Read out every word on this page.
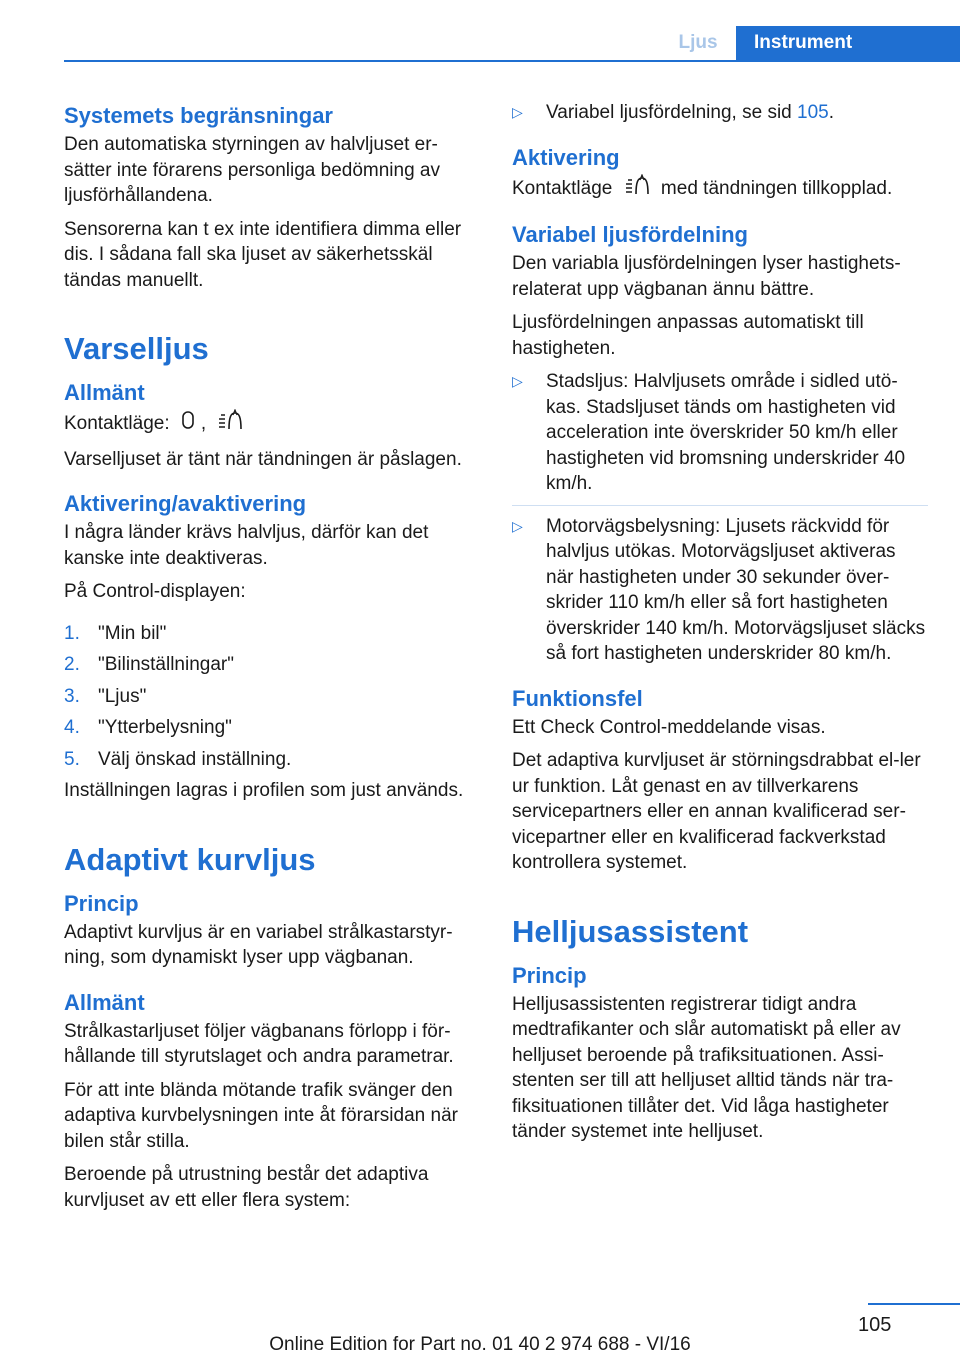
Ljus	Instrument
Systemets begränsningar

Den automatiska styrningen av halvljuset er-sätter inte förarens personliga bedömning av ljusförhållandena.

Sensorerna kan t ex inte identifiera dimma eller dis. I sådana fall ska ljuset av säkerhetsskäl tändas manuellt.

Varselljus
Allmänt

Kontaktläge: ,

Varselljuset är tänt när tändningen är påslagen.

Aktivering/avaktivering

I några länder krävs halvljus, därför kan det kanske inte deaktiveras.

På Control-displayen:

1. "Min bil"
2. "Bilinställningar"
3. "Ljus"
4. "Ytterbelysning"
5. Välj önskad inställning.

Inställningen lagras i profilen som just används.

Adaptivt kurvljus
Princip

Adaptivt kurvljus är en variabel strålkastarstyr-ning, som dynamiskt lyser upp vägbanan.

Allmänt

Strålkastarljuset följer vägbanans förlopp i för-hållande till styrutslaget och andra parametrar.

För att inte blända mötande trafik svänger den adaptiva kurvbelysningen inte åt förarsidan när bilen står stilla.

Beroende på utrustning består det adaptiva kurvljuset av ett eller flera system:

▷	Variabel ljusfördelning, se sid 105.
Aktivering

Kontaktläge	med tändningen tillkopplad.

Variabel ljusfördelning

Den variabla ljusfördelningen lyser hastighets-relaterat upp vägbanan ännu bättre.

Ljusfördelningen anpassas automatiskt till hastigheten.

▷	Stadsljus: Halvljusets område i sidled utö-kas. Stadsljuset tänds om hastigheten vid acceleration inte överskrider 50 km/h eller hastigheten vid bromsning underskrider 40 km/h.
▷	Motorvägsbelysning: Ljusets räckvidd för halvljus utökas. Motorvägsljuset aktiveras när hastigheten under 30 sekunder över-skrider 110 km/h eller så fort hastigheten överskrider 140 km/h. Motorvägsljuset släcks så fort hastigheten underskrider 80 km/h.
Funktionsfel

Ett Check Control-meddelande visas.

Det adaptiva kurvljuset är störningsdrabbat el-ler ur funktion. Låt genast en av tillverkarens servicepartners eller en annan kvalificerad ser-vicepartner eller en kvalificerad fackverkstad kontrollera systemet.

Helljusassistent
Princip

Helljusassistenten registrerar tidigt andra medtrafikanter och slår automatiskt på eller av helljuset beroende på trafiksituationen. Assi-stenten ser till att helljuset alltid tänds när tra-fiksituationen tillåter det. Vid låga hastigheter tänder systemet inte helljuset.

105
Online Edition for Part no. 01 40 2 974 688 - VI/16
